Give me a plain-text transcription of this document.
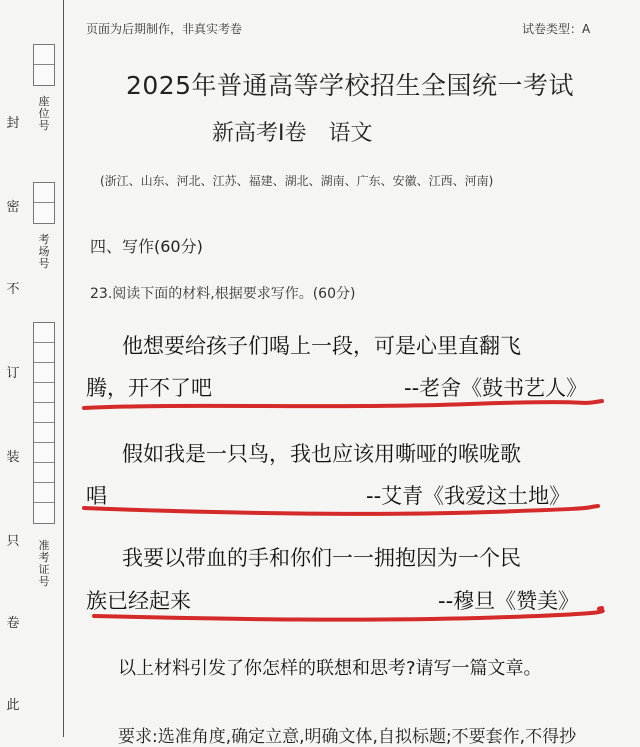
封
密
不
订
装
只
卷
此
座位号
考场号
准考证号
页面为后期制作，非真实考卷	试卷类型：A
2025年普通高等学校招生全国统一考试
新高考Ⅰ卷 语文
(浙江、山东、河北、江苏、福建、湖北、湖南、广东、安徽、江西、河南)
四、写作(60分)
23.阅读下面的材料,根据要求写作。(60分)
他想要给孩子们喝上一段，可是心里直翻飞
腾，开不了吧	--老舍《鼓书艺人》
假如我是一只鸟，我也应该用嘶哑的喉咙歌
唱	--艾青《我爱这土地》
我要以带血的手和你们一一拥抱因为一个民
族已经起来	--穆旦《赞美》
以上材料引发了你怎样的联想和思考?请写一篇文章。
要求:选准角度,确定立意,明确文体,自拟标题;不要套作,不得抄
